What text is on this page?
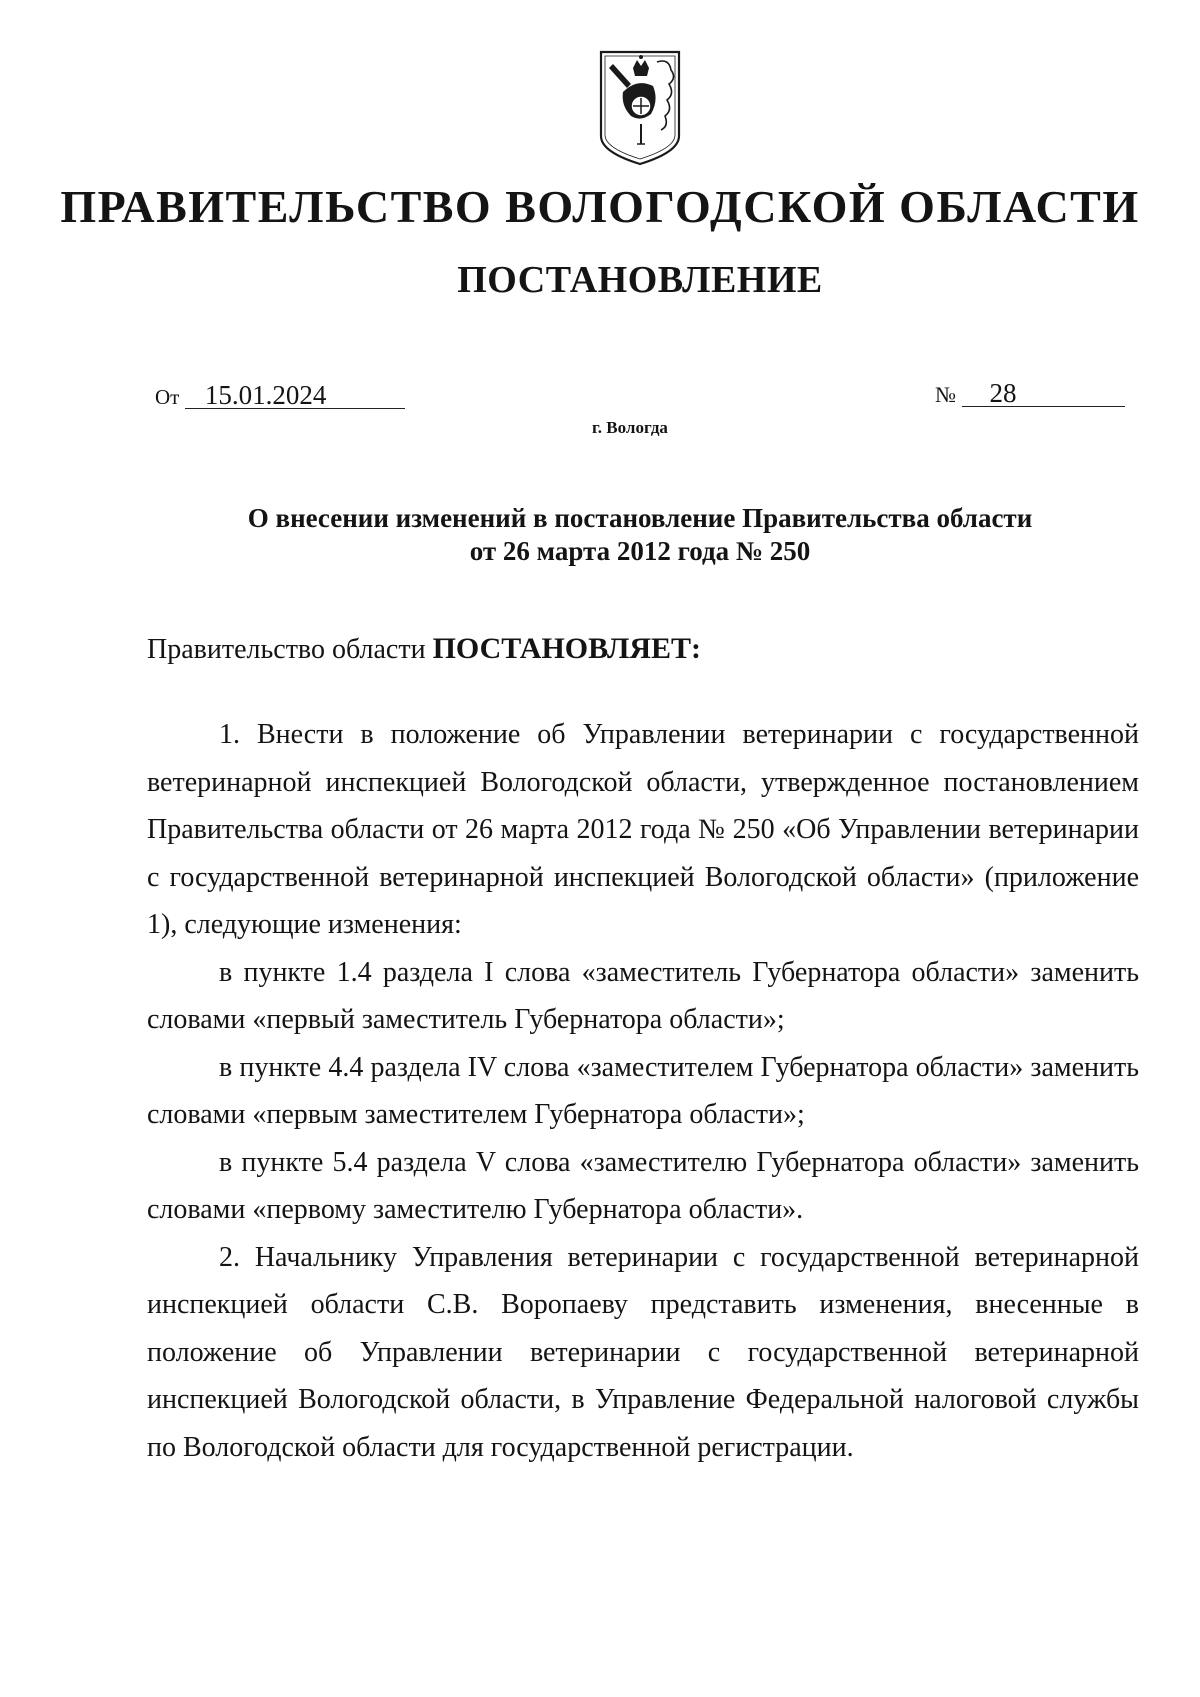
ПРАВИТЕЛЬСТВО ВОЛОГОДСКОЙ ОБЛАСТИ
ПОСТАНОВЛЕНИЕ
От 15.01.2024	№ 28
г. Вологда
О внесении изменений в постановление Правительства области
от 26 марта 2012 года № 250
Правительство области ПОСТАНОВЛЯЕТ:

1. Внести в положение об Управлении ветеринарии с государственной ветеринарной инспекцией Вологодской области, утвержденное постановлением Правительства области от 26 марта 2012 года № 250 «Об Управлении ветеринарии с государственной ветеринарной инспекцией Вологодской области» (приложение 1), следующие изменения:

в пункте 1.4 раздела I слова «заместитель Губернатора области» заменить словами «первый заместитель Губернатора области»;

в пункте 4.4 раздела IV слова «заместителем Губернатора области» заменить словами «первым заместителем Губернатора области»;

в пункте 5.4 раздела V слова «заместителю Губернатора области» заменить словами «первому заместителю Губернатора области».

2. Начальнику Управления ветеринарии с государственной ветеринарной инспекцией области С.В. Воропаеву представить изменения, внесенные в положение об Управлении ветеринарии с государственной ветеринарной инспекцией Вологодской области, в Управление Федеральной налоговой службы по Вологодской области для государственной регистрации.
